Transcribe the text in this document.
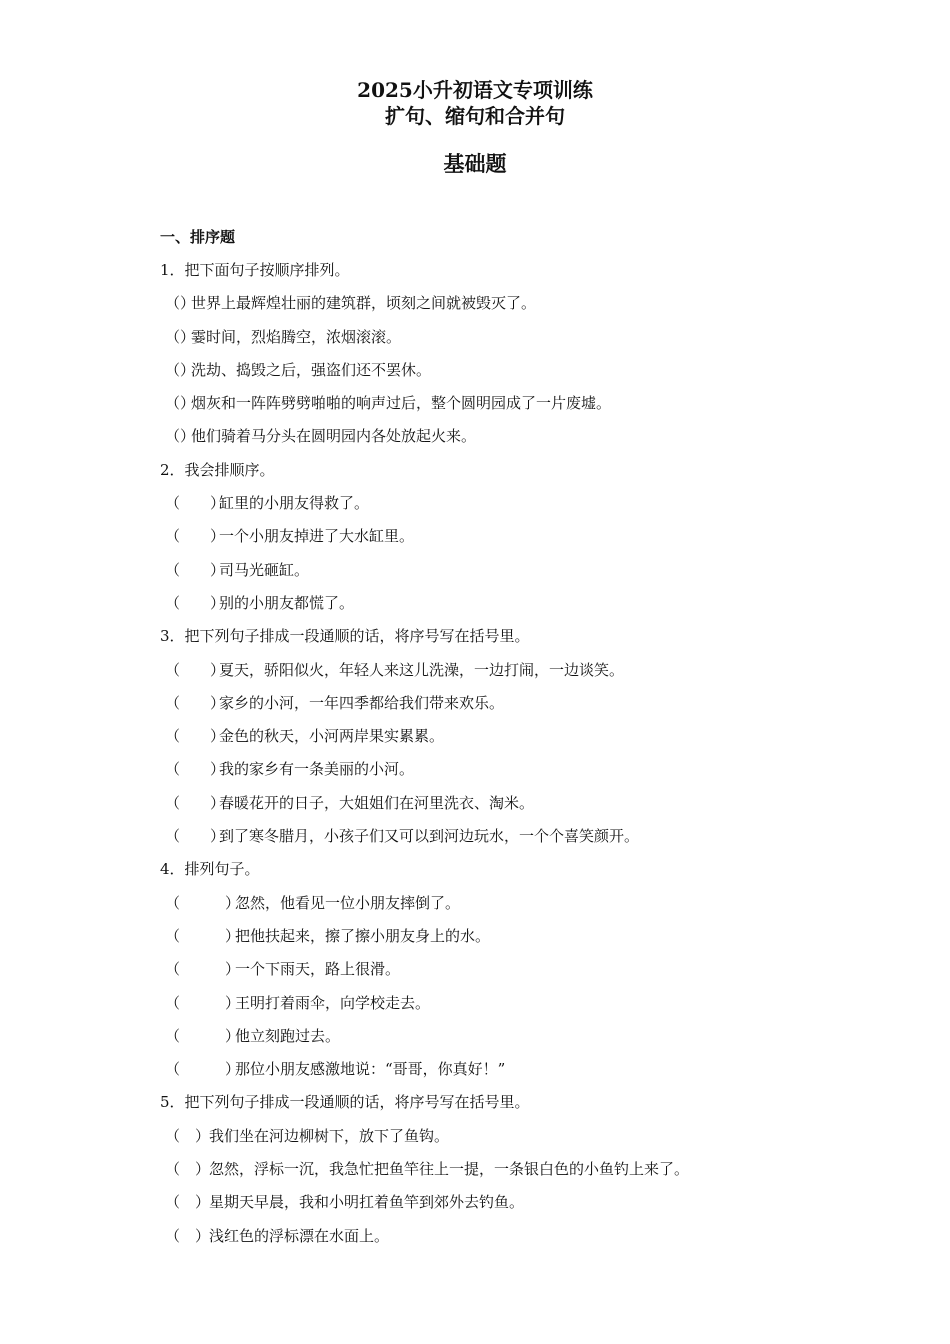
2025小升初语文专项训练
扩句、缩句和合并句
基础题
一、排序题
1．把下面句子按顺序排列。
（）世界上最辉煌壮丽的建筑群，顷刻之间就被毁灭了。
（）霎时间，烈焰腾空，浓烟滚滚。
（）洗劫、捣毁之后，强盗们还不罢休。
（）烟灰和一阵阵劈劈啪啪的响声过后，整个圆明园成了一片废墟。
（）他们骑着马分头在圆明园内各处放起火来。
2．我会排顺序。
（　　）缸里的小朋友得救了。
（　　）一个小朋友掉进了大水缸里。
（　　）司马光砸缸。
（　　）别的小朋友都慌了。
3．把下列句子排成一段通顺的话，将序号写在括号里。
（　　）夏天，骄阳似火，年轻人来这儿洗澡，一边打闹，一边谈笑。
（　　）家乡的小河，一年四季都给我们带来欢乐。
（　　）金色的秋天，小河两岸果实累累。
（　　）我的家乡有一条美丽的小河。
（　　）春暖花开的日子，大姐姐们在河里洗衣、淘米。
（　　）到了寒冬腊月，小孩子们又可以到河边玩水，一个个喜笑颜开。
4．排列句子。
（　　　）忽然，他看见一位小朋友摔倒了。
（　　　）把他扶起来，擦了擦小朋友身上的水。
（　　　）一个下雨天，路上很滑。
（　　　）王明打着雨伞，向学校走去。
（　　　）他立刻跑过去。
（　　　）那位小朋友感激地说：“哥哥，你真好！”
5．把下列句子排成一段通顺的话，将序号写在括号里。
（　）我们坐在河边柳树下，放下了鱼钩。
（　）忽然，浮标一沉，我急忙把鱼竿往上一提，一条银白色的小鱼钓上来了。
（　）星期天早晨，我和小明扛着鱼竿到郊外去钓鱼。
（　）浅红色的浮标漂在水面上。
